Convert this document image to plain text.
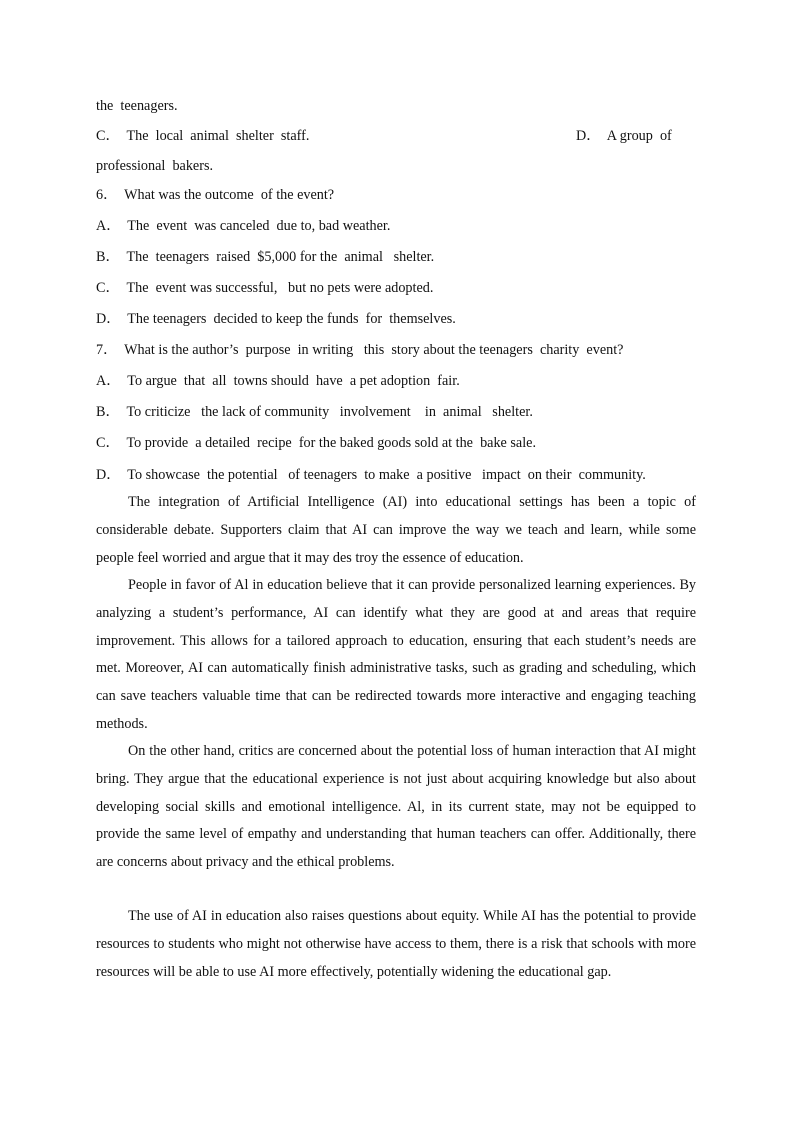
the  teenagers.
C．  The  local  animal  shelter  staff.	D．  A group  of
professional  bakers.
6．  What was the outcome  of the event?
A．  The  event  was canceled  due to, bad weather.
B．  The  teenagers  raised  $5,000 for the  animal   shelter.
C．  The  event was successful,   but no pets were adopted.
D．  The teenagers  decided to keep the funds  for  themselves.
7．  What is the author’s  purpose  in writing   this  story about the teenagers  charity  event?
A．  To argue  that  all  towns should  have  a pet adoption  fair.
B．  To criticize   the lack of community   involvement    in  animal   shelter.
C．  To provide  a detailed  recipe  for the baked goods sold at the  bake sale.
D．  To showcase  the potential   of teenagers  to make  a positive   impact  on their  community.

The integration of Artificial Intelligence (AI) into educational settings has been a topic of considerable debate. Supporters claim that AI can improve the way we teach and learn, while some people feel worried and argue that it may des troy the essence of education.

People in favor of Al in education believe that it can provide personalized learning experiences. By analyzing a student’s performance, AI can identify what they are good at and areas that require improvement. This allows for a tailored approach to education, ensuring that each student’s needs are met. Moreover, AI can automatically finish administrative tasks, such as grading and scheduling, which can save teachers valuable time that can be redirected towards more interactive and engaging teaching methods.

On the other hand, critics are concerned about the potential loss of human interaction that AI might bring. They argue that the educational experience is not just about acquiring knowledge but also about developing social skills and emotional intelligence. Al, in its current state, may not be equipped to provide the same level of empathy and understanding that human teachers can offer. Additionally, there are concerns about privacy and the ethical problems.

The use of AI in education also raises questions about equity. While AI has the potential to provide resources to students who might not otherwise have access to them, there is a risk that schools with more resources will be able to use AI more effectively, potentially widening the educational gap.
